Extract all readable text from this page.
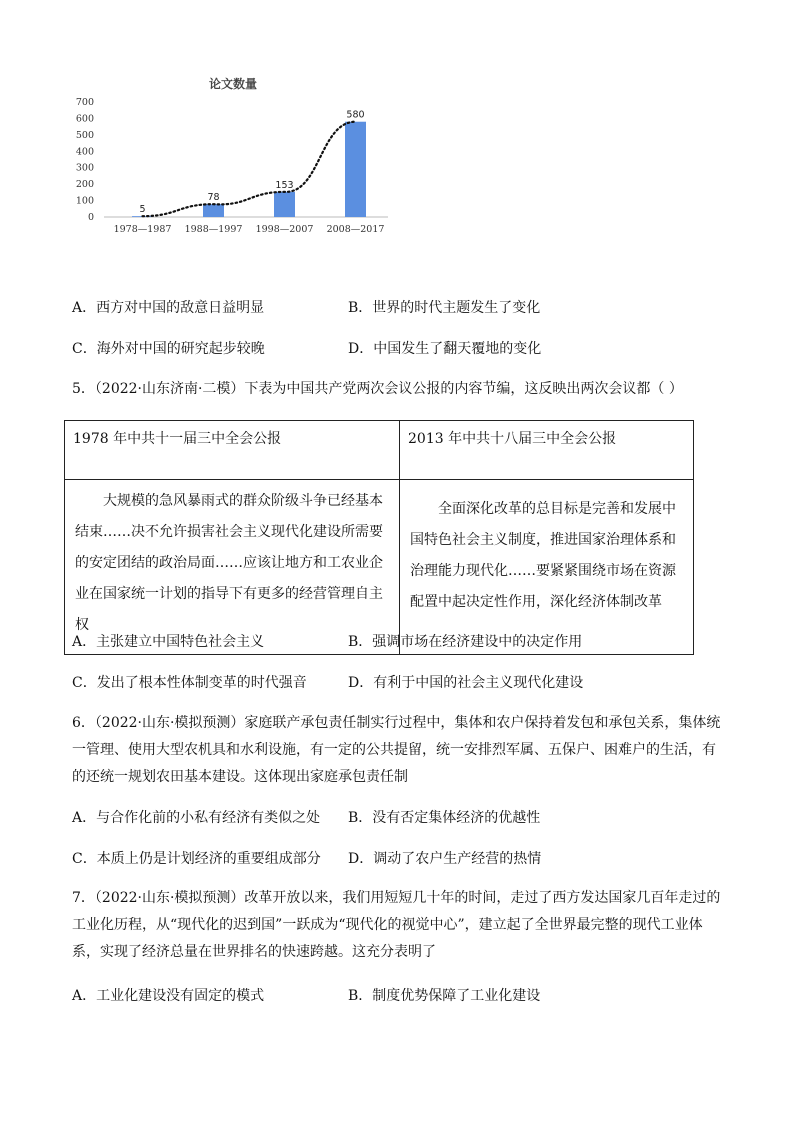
论文数量
0
100
200
300
400
500
600
700
5
1978—1987
78
1988—1997
153
1998—2007
580
2008—2017
A．西方对中国的敌意日益明显	B．世界的时代主题发生了变化
C．海外对中国的研究起步较晚	D．中国发生了翻天覆地的变化
5．（2022·山东济南·二模）下表为中国共产党两次会议公报的内容节编，这反映出两次会议都（ ）
1978 年中共十一届三中全会公报	2013 年中共十八届三中全会公报
大规模的急风暴雨式的群众阶级斗争已经基本结束……决不允许损害社会主义现代化建设所需要的安定团结的政治局面……应该让地方和工农业企业在国家统一计划的指导下有更多的经营管理自主权	全面深化改革的总目标是完善和发展中国特色社会主义制度，推进国家治理体系和治理能力现代化……要紧紧围绕市场在资源配置中起决定性作用，深化经济体制改革
A．主张建立中国特色社会主义	B．强调市场在经济建设中的决定作用
C．发出了根本性体制变革的时代强音	D．有利于中国的社会主义现代化建设
6．（2022·山东·模拟预测）家庭联产承包责任制实行过程中，集体和农户保持着发包和承包关系，集体统一管理、使用大型农机具和水利设施，有一定的公共提留，统一安排烈军属、五保户、困难户的生活，有的还统一规划农田基本建设。这体现出家庭承包责任制
A．与合作化前的小私有经济有类似之处 B．没有否定集体经济的优越性
C．本质上仍是计划经济的重要组成部分 D．调动了农户生产经营的热情
7．（2022·山东·模拟预测）改革开放以来，我们用短短几十年的时间，走过了西方发达国家几百年走过的工业化历程，从“现代化的迟到国”一跃成为“现代化的视觉中心”，建立起了全世界最完整的现代工业体系，实现了经济总量在世界排名的快速跨越。这充分表明了
A．工业化建设没有固定的模式	B．制度优势保障了工业化建设
